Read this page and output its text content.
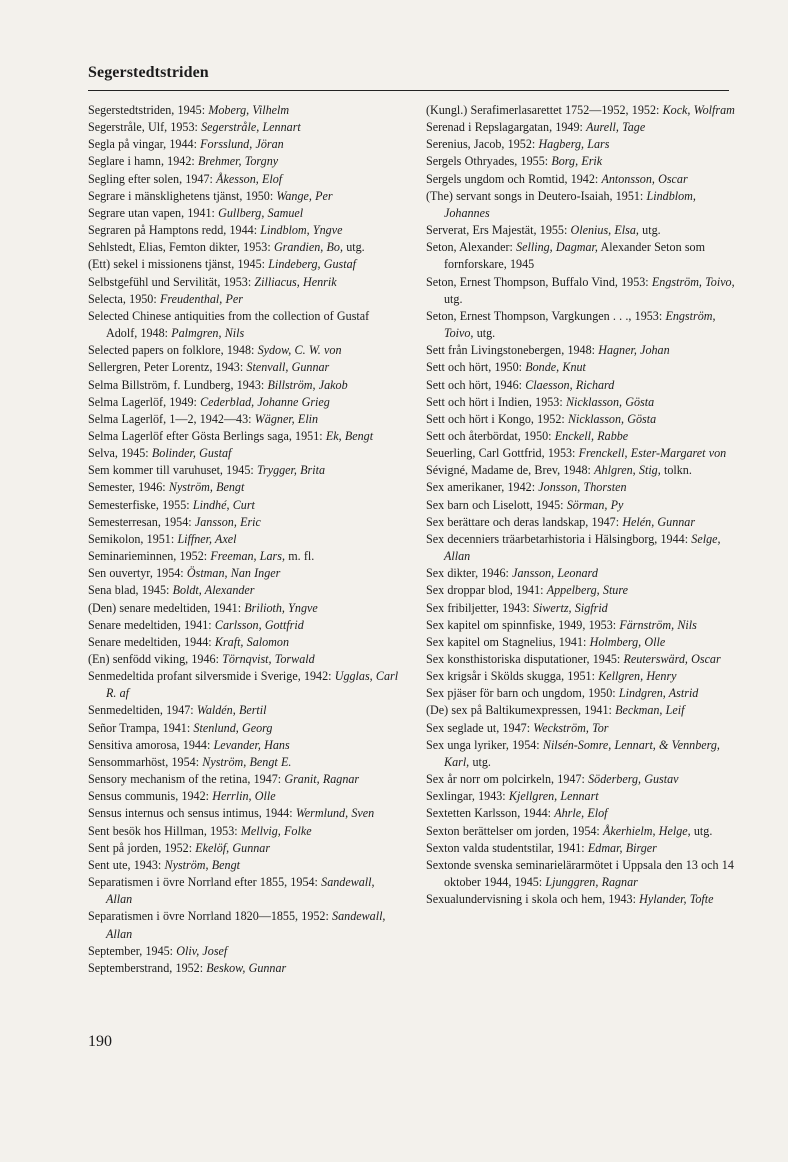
Segerstedtstriden
Segerstedtstriden, 1945: Moberg, Vilhelm
Segerstråle, Ulf, 1953: Segerstråle, Lennart
Segla på vingar, 1944: Forsslund, Jöran
Seglare i hamn, 1942: Brehmer, Torgny
Segling efter solen, 1947: Åkesson, Elof
Segrare i mänsklighetens tjänst, 1950: Wange, Per
Segrare utan vapen, 1941: Gullberg, Samuel
Segraren på Hamptons redd, 1944: Lindblom, Yngve
Sehlstedt, Elias, Femton dikter, 1953: Grandien, Bo, utg.
(Ett) sekel i missionens tjänst, 1945: Lindeberg, Gustaf
Selbstgefühl und Servilität, 1953: Zilliacus, Henrik
Selecta, 1950: Freudenthal, Per
Selected Chinese antiquities from the collection of Gustaf Adolf, 1948: Palmgren, Nils
Selected papers on folklore, 1948: Sydow, C. W. von
Sellergren, Peter Lorentz, 1943: Stenvall, Gunnar
Selma Billström, f. Lundberg, 1943: Billström, Jakob
Selma Lagerlöf, 1949: Cederblad, Johanne Grieg
Selma Lagerlöf, 1—2, 1942—43: Wägner, Elin
Selma Lagerlöf efter Gösta Berlings saga, 1951: Ek, Bengt
Selva, 1945: Bolinder, Gustaf
Sem kommer till varuhuset, 1945: Trygger, Brita
Semester, 1946: Nyström, Bengt
Semesterfiske, 1955: Lindhé, Curt
Semesterresan, 1954: Jansson, Eric
Semikolon, 1951: Liffner, Axel
Seminarieminnen, 1952: Freeman, Lars, m. fl.
Sen ouvertyr, 1954: Östman, Nan Inger
Sena blad, 1945: Boldt, Alexander
(Den) senare medeltiden, 1941: Brilioth, Yngve
Senare medeltiden, 1941: Carlsson, Gottfrid
Senare medeltiden, 1944: Kraft, Salomon
(En) senfödd viking, 1946: Törnqvist, Torwald
Senmedeltida profant silversmide i Sverige, 1942: Ugglas, Carl R. af
Senmedeltiden, 1947: Waldén, Bertil
Señor Trampa, 1941: Stenlund, Georg
Sensitiva amorosa, 1944: Levander, Hans
Sensommarhöst, 1954: Nyström, Bengt E.
Sensory mechanism of the retina, 1947: Granit, Ragnar
Sensus communis, 1942: Herrlin, Olle
Sensus internus och sensus intimus, 1944: Wermlund, Sven
Sent besök hos Hillman, 1953: Mellvig, Folke
Sent på jorden, 1952: Ekelöf, Gunnar
Sent ute, 1943: Nyström, Bengt
Separatismen i övre Norrland efter 1855, 1954: Sandewall, Allan
Separatismen i övre Norrland 1820—1855, 1952: Sandewall, Allan
September, 1945: Oliv, Josef
Septemberstrand, 1952: Beskow, Gunnar
(Kungl.) Serafimerlasarettet 1752—1952, 1952: Kock, Wolfram
Serenad i Repslagargatan, 1949: Aurell, Tage
Serenius, Jacob, 1952: Hagberg, Lars
Sergels Othryades, 1955: Borg, Erik
Sergels ungdom och Romtid, 1942: Antonsson, Oscar
(The) servant songs in Deutero-Isaiah, 1951: Lindblom, Johannes
Serverat, Ers Majestät, 1955: Olenius, Elsa, utg.
Seton, Alexander: Selling, Dagmar, Alexander Seton som fornforskare, 1945
Seton, Ernest Thompson, Buffalo Vind, 1953: Engström, Toivo, utg.
Seton, Ernest Thompson, Vargkungen . . ., 1953: Engström, Toivo, utg.
Sett från Livingstonebergen, 1948: Hagner, Johan
Sett och hört, 1950: Bonde, Knut
Sett och hört, 1946: Claesson, Richard
Sett och hört i Indien, 1953: Nicklasson, Gösta
Sett och hört i Kongo, 1952: Nicklasson, Gösta
Sett och återbördat, 1950: Enckell, Rabbe
Seuerling, Carl Gottfrid, 1953: Frenckell, Ester-Margaret von
Sévigné, Madame de, Brev, 1948: Ahlgren, Stig, tolkn.
Sex amerikaner, 1942: Jonsson, Thorsten
Sex barn och Liselott, 1945: Sörman, Py
Sex berättare och deras landskap, 1947: Helén, Gunnar
Sex decenniers träarbetarhistoria i Hälsingborg, 1944: Selge, Allan
Sex dikter, 1946: Jansson, Leonard
Sex droppar blod, 1941: Appelberg, Sture
Sex fribiljetter, 1943: Siwertz, Sigfrid
Sex kapitel om spinnfiske, 1949, 1953: Färnström, Nils
Sex kapitel om Stagnelius, 1941: Holmberg, Olle
Sex konsthistoriska disputationer, 1945: Reuterswärd, Oscar
Sex krigsår i Skölds skugga, 1951: Kellgren, Henry
Sex pjäser för barn och ungdom, 1950: Lindgren, Astrid
(De) sex på Baltikumexpressen, 1941: Beckman, Leif
Sex seglade ut, 1947: Weckström, Tor
Sex unga lyriker, 1954: Nilsén-Somre, Lennart, & Vennberg, Karl, utg.
Sex år norr om polcirkeln, 1947: Söderberg, Gustav
Sexlingar, 1943: Kjellgren, Lennart
Sextetten Karlsson, 1944: Ahrle, Elof
Sexton berättelser om jorden, 1954: Åkerhielm, Helge, utg.
Sexton valda studentstilar, 1941: Edmar, Birger
Sextonde svenska seminarielärarmötet i Uppsala den 13 och 14 oktober 1944, 1945: Ljunggren, Ragnar
Sexualundervisning i skola och hem, 1943: Hylander, Tofte
190
